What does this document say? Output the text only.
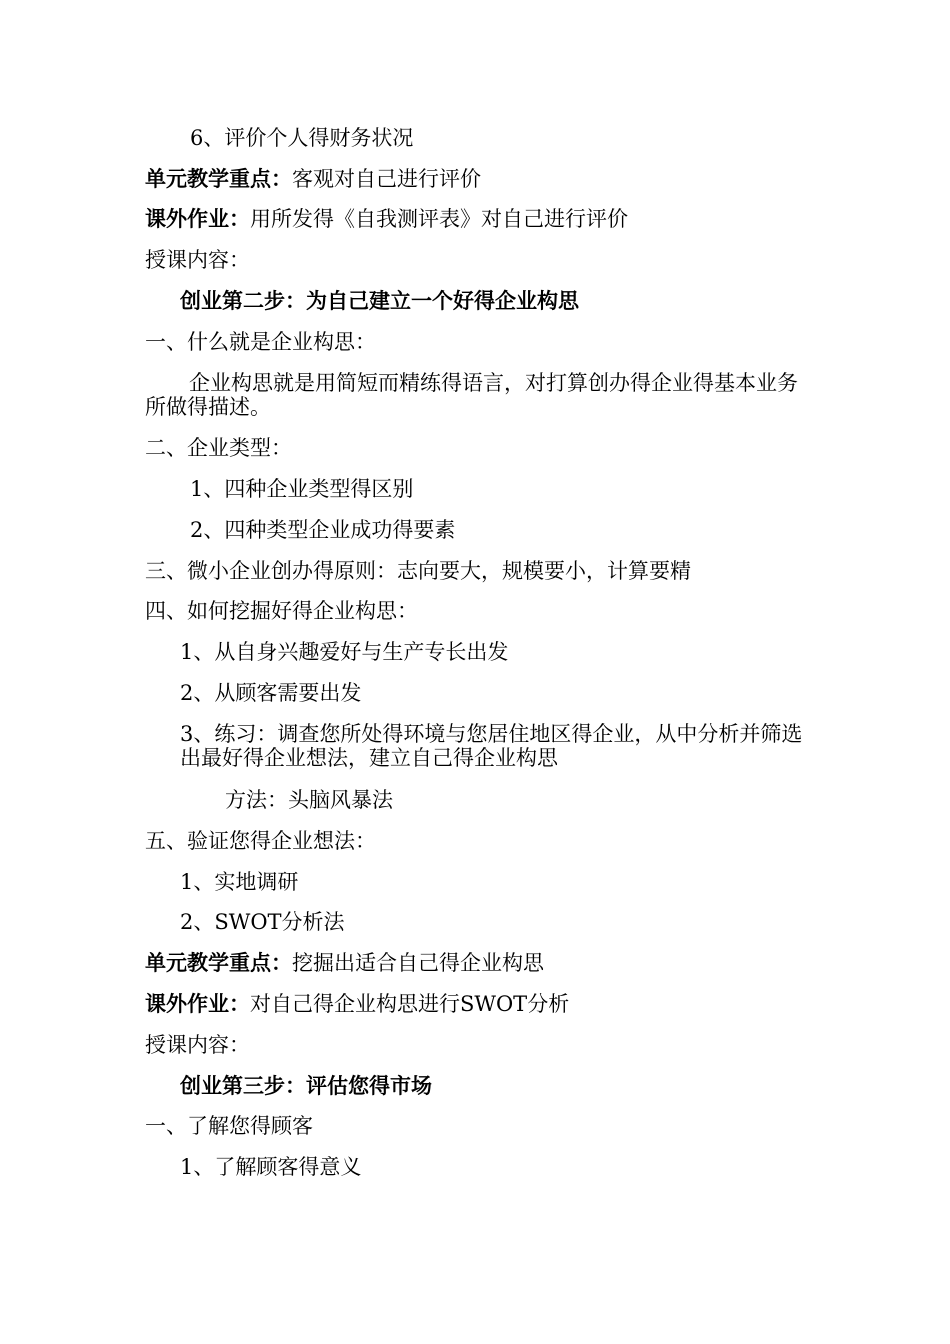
6、评价个人得财务状况
单元教学重点：客观对自己进行评价
课外作业：用所发得《自我测评表》对自己进行评价
授课内容：
创业第二步：为自己建立一个好得企业构思
一、什么就是企业构思：
企业构思就是用简短而精练得语言，对打算创办得企业得基本业务所做得描述。
二、企业类型：
1、四种企业类型得区别
2、四种类型企业成功得要素
三、微小企业创办得原则：志向要大，规模要小，计算要精
四、如何挖掘好得企业构思：
1、从自身兴趣爱好与生产专长出发
2、从顾客需要出发
3、练习：调查您所处得环境与您居住地区得企业，从中分析并筛选出最好得企业想法，建立自己得企业构思
方法：头脑风暴法
五、验证您得企业想法：
1、实地调研
2、SWOT分析法
单元教学重点：挖掘出适合自己得企业构思
课外作业：对自己得企业构思进行SWOT分析
授课内容：
创业第三步：评估您得市场
一、了解您得顾客
1、了解顾客得意义
